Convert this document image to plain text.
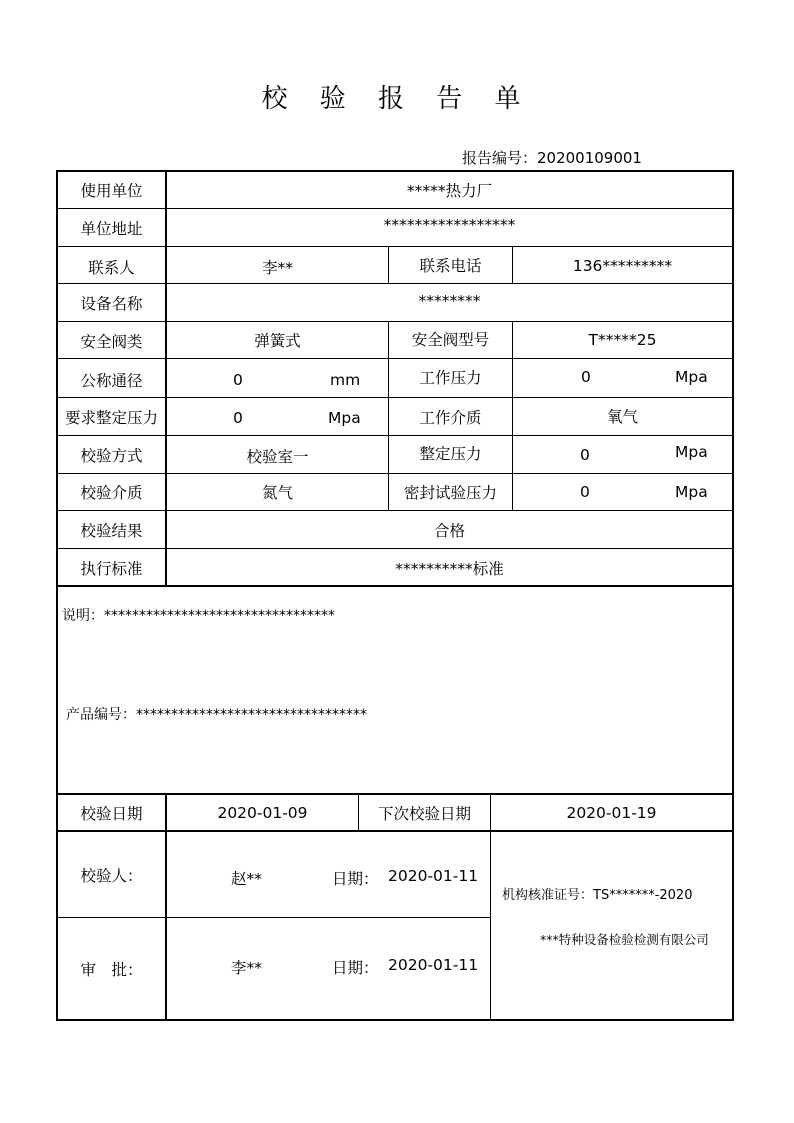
校 验 报 告 单
报告编号：20200109001
使用单位	*****热力厂
单位地址	*****************
联系人	李**	联系电话	136*********
设备名称	********
安全阀类	弹簧式	安全阀型号	T*****25
公称通径	0	mm	工作压力	0	Mpa
要求整定压力	0	Mpa	工作介质	氧气
校验方式	校验室一	整定压力	0	Mpa
校验介质	氮气	密封试验压力	0	Mpa
校验结果	合格
执行标准	**********标准
说明：*********************************
产品编号：*********************************
校验日期	2020-01-09	下次校验日期	2020-01-19
校验人：	赵**	日期： 2020-01-11
审　批：	李**	日期： 2020-01-11
机构核准证号：TS*******-2020
***特种设备检验检测有限公司
